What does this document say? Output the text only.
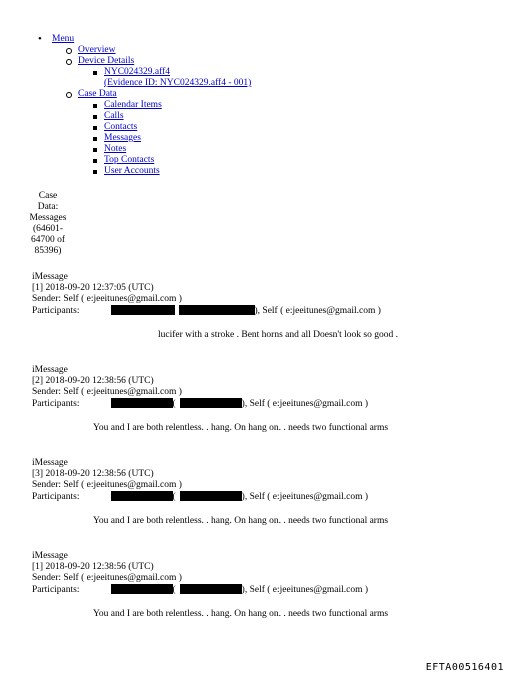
• Menu
Overview
Device Details
NYC024329.aff4
(Evidence ID: NYC024329.aff4 - 001)
Case Data
Calendar Items
Calls
Contacts
Messages
Notes
Top Contacts
User Accounts
Case
Data:
Messages
(64601-
64700 of
85396)
iMessage
[1] 2018-09-20 12:37:05 (UTC)
Sender: Self ( e:jeeitunes@gmail.com )
Participants:	), Self ( e:jeeitunes@gmail.com )
lucifer with a stroke . Bent horns and all Doesn't look so good .
iMessage
[2] 2018-09-20 12:38:56 (UTC)
Sender: Self ( e:jeeitunes@gmail.com )
Participants:	(	), Self ( e:jeeitunes@gmail.com )
You and I are both relentless. . hang. On hang on. . needs two functional arms
iMessage
[3] 2018-09-20 12:38:56 (UTC)
Sender: Self ( e:jeeitunes@gmail.com )
Participants:	(	), Self ( e:jeeitunes@gmail.com )
You and I are both relentless. . hang. On hang on. . needs two functional arms
iMessage
[1] 2018-09-20 12:38:56 (UTC)
Sender: Self ( e:jeeitunes@gmail.com )
Participants:	(	), Self ( e:jeeitunes@gmail.com )
You and I are both relentless. . hang. On hang on. . needs two functional arms
EFTA00516401
